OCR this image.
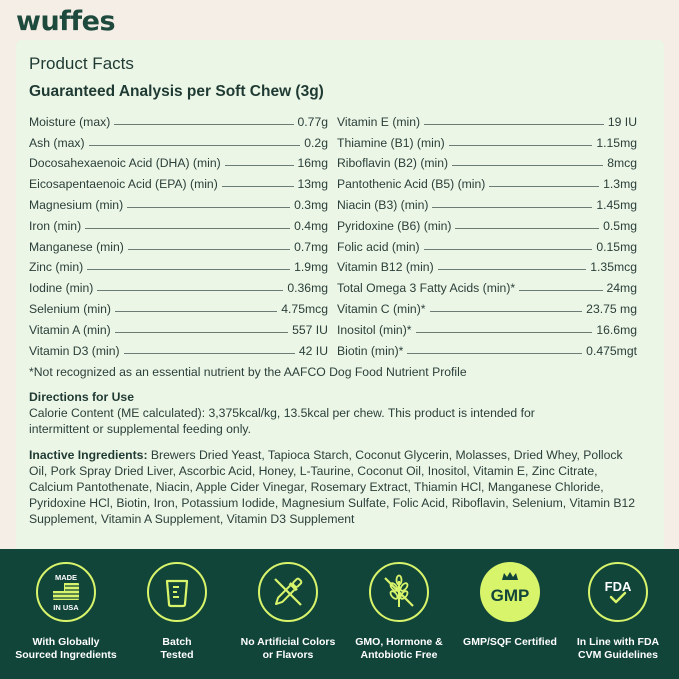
wuffes
Product Facts
Guaranteed Analysis per Soft Chew (3g)
Moisture (max)	0.77g
Ash (max)	0.2g
Docosahexaenoic Acid (DHA) (min)	16mg
Eicosapentaenoic Acid (EPA) (min)	13mg
Magnesium (min)	0.3mg
Iron (min)	0.4mg
Manganese (min)	0.7mg
Zinc (min)	1.9mg
Iodine (min)	0.36mg
Selenium (min)	4.75mcg
Vitamin A (min)	557 IU
Vitamin D3 (min)	42 IU
Vitamin E (min)	19 IU
Thiamine (B1) (min)	1.15mg
Riboflavin (B2) (min)	8mcg
Pantothenic Acid (B5) (min)	1.3mg
Niacin (B3) (min)	1.45mg
Pyridoxine (B6) (min)	0.5mg
Folic acid (min)	0.15mg
Vitamin B12 (min)	1.35mcg
Total Omega 3 Fatty Acids (min)*	24mg
Vitamin C (min)*	23.75 mg
Inositol (min)*	16.6mg
Biotin (min)*	0.475mgt
*Not recognized as an essential nutrient by the AAFCO Dog Food Nutrient Profile
Directions for Use
Calorie Content (ME calculated): 3,375kcal/kg, 13.5kcal per chew. This product is intended for
intermittent or supplemental feeding only.
Inactive Ingredients: Brewers Dried Yeast, Tapioca Starch, Coconut Glycerin, Molasses, Dried Whey, Pollock Oil, Pork Spray Dried Liver, Ascorbic Acid, Honey, L-Taurine, Coconut Oil, Inositol, Vitamin E, Zinc Citrate, Calcium Pantothenate, Niacin, Apple Cider Vinegar, Rosemary Extract, Thiamin HCl, Manganese Chloride, Pyridoxine HCl, Biotin, Iron, Potassium Iodide, Magnesium Sulfate, Folic Acid, Riboflavin, Selenium, Vitamin B12 Supplement, Vitamin A Supplement, Vitamin D3 Supplement
MADE
IN USA
With Globally
Sourced Ingredients
Batch
Tested
No Artificial Colors
or Flavors
GMO, Hormone &
Antobiotic Free
GMP
GMP/SQF Certified
FDA
In Line with FDA
CVM Guidelines
